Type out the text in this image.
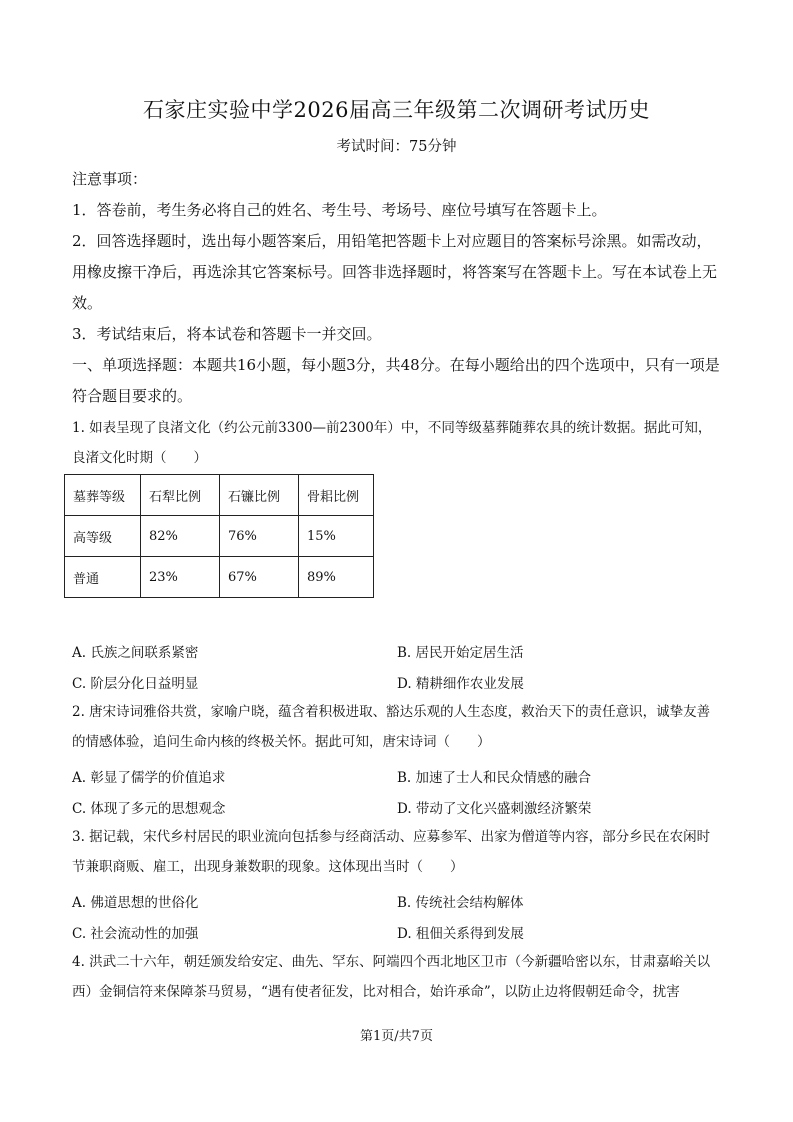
石家庄实验中学2026届高三年级第二次调研考试历史
考试时间：75分钟

注意事项：

1．答卷前，考生务必将自己的姓名、考生号、考场号、座位号填写在答题卡上。

2．回答选择题时，选出每小题答案后，用铅笔把答题卡上对应题目的答案标号涂黑。如需改动，用橡皮擦干净后，再选涂其它答案标号。回答非选择题时，将答案写在答题卡上。写在本试卷上无效。

3．考试结束后，将本试卷和答题卡一并交回。

一、单项选择题：本题共16小题，每小题3分，共48分。在每小题给出的四个选项中，只有一项是符合题目要求的。

1. 如表呈现了良渚文化（约公元前3300—前2300年）中，不同等级墓葬随葬农具的统计数据。据此可知，良渚文化时期（　　）

墓葬等级	石犁比例	石镰比例	骨耜比例
高等级	82%	76%	15%
普通	23%	67%	89%
A. 氏族之间联系紧密	B. 居民开始定居生活
C. 阶层分化日益明显	D. 精耕细作农业发展

2. 唐宋诗词雅俗共赏，家喻户晓，蕴含着积极进取、豁达乐观的人生态度，救治天下的责任意识，诚挚友善的情感体验，追问生命内核的终极关怀。据此可知，唐宋诗词（　　）

A. 彰显了儒学的价值追求	B. 加速了士人和民众情感的融合
C. 体现了多元的思想观念	D. 带动了文化兴盛刺激经济繁荣

3. 据记载，宋代乡村居民的职业流向包括参与经商活动、应募参军、出家为僧道等内容，部分乡民在农闲时节兼职商贩、雇工，出现身兼数职的现象。这体现出当时（　　）

A. 佛道思想的世俗化	B. 传统社会结构解体
C. 社会流动性的加强	D. 租佃关系得到发展

4. 洪武二十六年，朝廷颁发给安定、曲先、罕东、阿端四个西北地区卫市（今新疆哈密以东，甘肃嘉峪关以西）金铜信符来保障茶马贸易，“遇有使者征发，比对相合，始许承命”，以防止边将假朝廷命令，扰害

第1页/共7页
